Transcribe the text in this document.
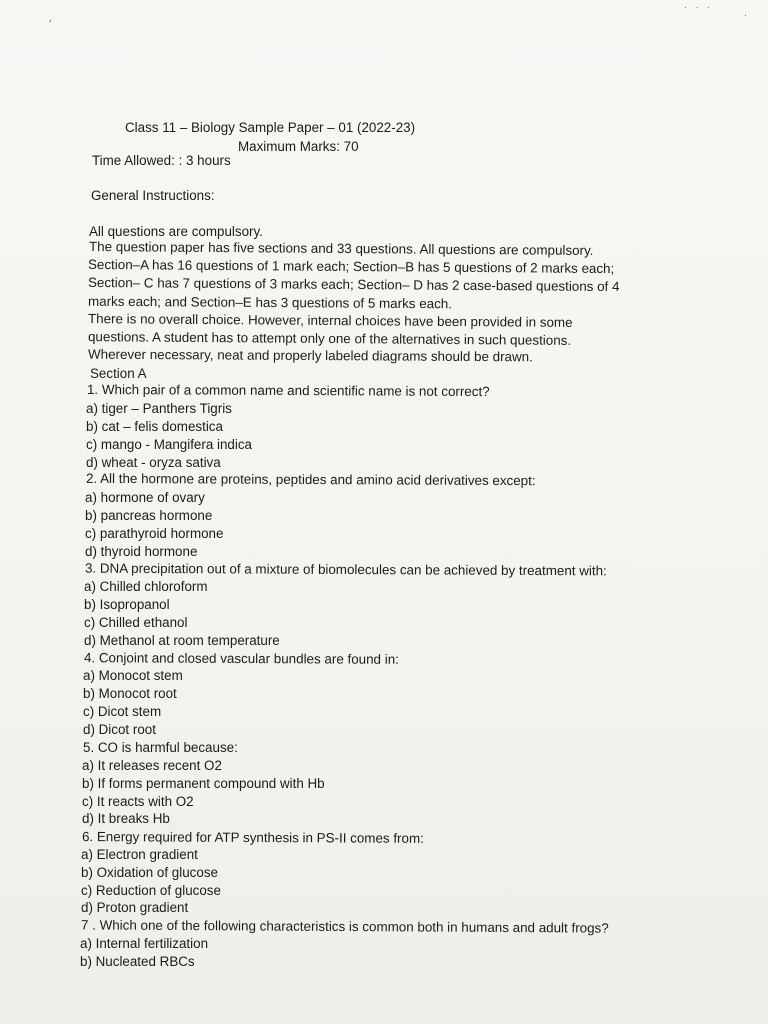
‘
· · ·
·
Class 11 – Biology Sample Paper – 01 (2022-23)
Maximum Marks: 70
Time Allowed: : 3 hours
General Instructions:
All questions are compulsory.
The question paper has five sections and 33 questions. All questions are compulsory.
Section–A has 16 questions of 1 mark each; Section–B has 5 questions of 2 marks each;
Section– C has 7 questions of 3 marks each; Section– D has 2 case-based questions of 4
marks each; and Section–E has 3 questions of 5 marks each.
There is no overall choice. However, internal choices have been provided in some
questions. A student has to attempt only one of the alternatives in such questions.
Wherever necessary, neat and properly labeled diagrams should be drawn.
Section A
1. Which pair of a common name and scientific name is not correct?
a) tiger – Panthers Tigris
b) cat – felis domestica
c) mango - Mangifera indica
d) wheat - oryza sativa
2. All the hormone are proteins, peptides and amino acid derivatives except:
a) hormone of ovary
b) pancreas hormone
c) parathyroid hormone
d) thyroid hormone
3. DNA precipitation out of a mixture of biomolecules can be achieved by treatment with:
a) Chilled chloroform
b) Isopropanol
c) Chilled ethanol
d) Methanol at room temperature
4. Conjoint and closed vascular bundles are found in:
a) Monocot stem
b) Monocot root
c) Dicot stem
d) Dicot root
5. CO is harmful because:
a) It releases recent O2
b) If forms permanent compound with Hb
c) It reacts with O2
d) It breaks Hb
6. Energy required for ATP synthesis in PS-II comes from:
a) Electron gradient
b) Oxidation of glucose
c) Reduction of glucose
d) Proton gradient
7 . Which one of the following characteristics is common both in humans and adult frogs?
a) Internal fertilization
b) Nucleated RBCs
